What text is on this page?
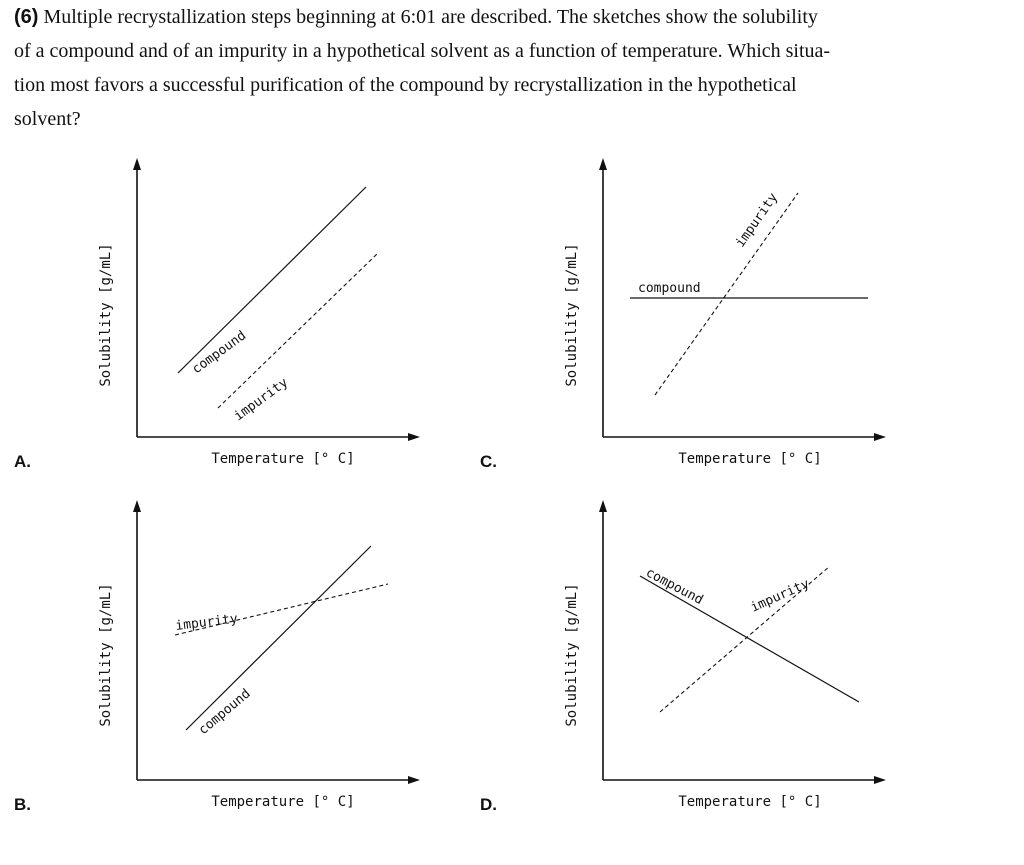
(6) Multiple recrystallization steps beginning at 6:01 are described. The sketches show the solubility
of a compound and of an impurity in a hypothetical solvent as a function of temperature. Which situa-
tion most favors a successful purification of the compound by recrystallization in the hypothetical
solvent?
A.	C.
B.	D.
Solubility [g/mL]
Temperature [° C]
compound
impurity
Solubility [g/mL]
Temperature [° C]
compound
impurity
Solubility [g/mL]
Temperature [° C]
impurity
compound	Solubility [g/mL]
Temperature [° C]
compound	impurity
